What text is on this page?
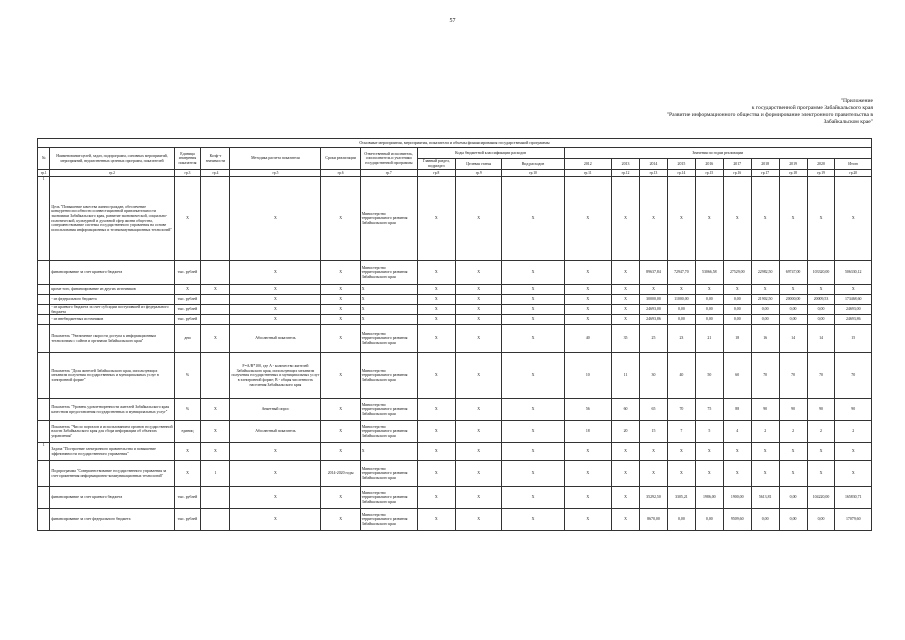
57
"Приложение
к государственной программе Забайкальского края
"Развитие информационного общества и формирование электронного правительства в
Забайкальском крае"
Основные мероприятия, мероприятия, показатели и объемы финансирования государственной программы																			
№	Наименование целей, задач, подпрограмм, основных мероприятий, мероприятий, ведомственных целевых программ, показателей	Единица измерения показателя	Коэф-т значимости	Методика расчета показателя	Сроки реализации	Ответственный исполнитель, соисполнитель и участники государственной программы	Коды бюджетной классификации расходов			Значения по годам реализации									
							Главный раздел, подраздел	Целевая статья	Вид расходов	2012	2013	2014	2015	2016	2017	2018	2019	2020	Итого
гр.1	гр.2	гр.3	гр.4	гр.5	гр.6	гр.7	гр.8	гр.9	гр.10	гр.11	гр.12	гр.13	гр.14	гр.15	гр.16	гр.17	гр.18	гр.19	гр.20
1	Цель "Повышение качества жизни граждан, обеспечение конкурентоспособности и инвестиционной привлекательности экономики Забайкальского края, развитие экономической, социально-политической, культурной и духовной сфер жизни общества, совершенствование системы государственного управления на основе использования информационных и телекоммуникационных технологий"	Х		Х	Х	Министерство территориального развития Забайкальского края	Х	Х	Х	Х	Х	Х	Х	Х	Х	Х	Х	Х	Х
	финансирование за счет краевого бюджета	тыс. рублей		Х	Х	Министерство территориального развития Забайкальского края	Х	Х	Х	Х	Х	89637,84	72947,70	53066,58	27529,00	22982,50	69747,00	103320,00	506330,12
	кроме того, финансирование из других источников	Х	Х	Х	Х	Х	Х	Х	Х	Х	Х	Х	Х	Х	Х	Х	Х	Х	Х
	- из федерального бюджета	тыс. рублей		Х	Х	Х	Х	Х	Х	Х	Х	30000,00	11000,00	0,00	0,00	21902,50	20000,00	20009,53	173468,60
	- из краевого бюджета за счет субсидии поступившей из федерального бюджета	тыс. рублей		Х	Х	Х	Х	Х	Х	Х	Х	24693,00	0,00	0,00	0,00	0,00	0,00	0,00	24693,00
	- из внебюджетных источников	тыс. рублей		Х	Х	Х	Х	Х	Х	Х	Х	24693,86	0,00	0,00	0,00	0,00	0,00	0,00	24693,86
	Показатель "Увеличение скорости доступа к информационным технологиям с сайтов и органами Забайкальского края"	дни	Х	Абсолютный показатель	Х	Министерство территориального развития Забайкальского края	Х	Х	Х	40	35	25	23	21	18	16	14	14	15
	Показатель "Доля жителей Забайкальского края, использующих механизм получения государственных и муниципальных услуг в электронной форме"	%		F=A/B*100, где A - количество жителей Забайкальского края, использующих механизм получения государственных и муниципальных услуг в электронной форме; B - общая численность населения Забайкальского края	Х	Министерство территориального развития Забайкальского края	Х	Х	Х	10	11	30	40	50	60	70	70	70	70
	Показатель "Уровень удовлетворенности жителей Забайкальского края качеством предоставления государственных и муниципальных услуг"	%	Х	Анкетный опрос	Х	Министерство территориального развития Забайкальского края	Х	Х	Х	56	60	65	70	75	88	90	90	90	90
	Показатель "Число порталов и использованием органов государственной власти Забайкальского края для сбора информации об объектах управления"	единиц	Х	Абсолютный показатель	Х	Министерство территориального развития Забайкальского края	Х	Х	Х	18	20	15	7	5	4	2	2	2	2
1	Задача "Построение электронного правительства и повышение эффективности государственного управления"	Х	Х	Х	Х	Х	Х	Х	Х	Х	Х	Х	Х	Х	Х	Х	Х	Х	Х
	Подпрограмма "Совершенствование государственного управления за счет применения информационно-коммуникационных технологий"	Х	1	Х	2014-2020 годы	Министерство территориального развития Забайкальского края	Х	Х	Х	Х	Х	Х	Х	Х	Х	Х	Х	Х	Х
	финансирование за счет краевого бюджета	тыс. рублей		Х	Х	Министерство территориального развития Забайкальского края	Х	Х	Х	Х	Х	35292,50	3305,21	1986,00	1900,00	5613,81	0,00	104220,00	165830,71
	финансирование за счет федерального бюджета	тыс. рублей		Х	Х	Министерство территориального развития Забайкальского края	Х	Х	Х	Х	Х	8670,00	0,00	0,00	9509,60	0,00	0,00	0,00	17079,60
